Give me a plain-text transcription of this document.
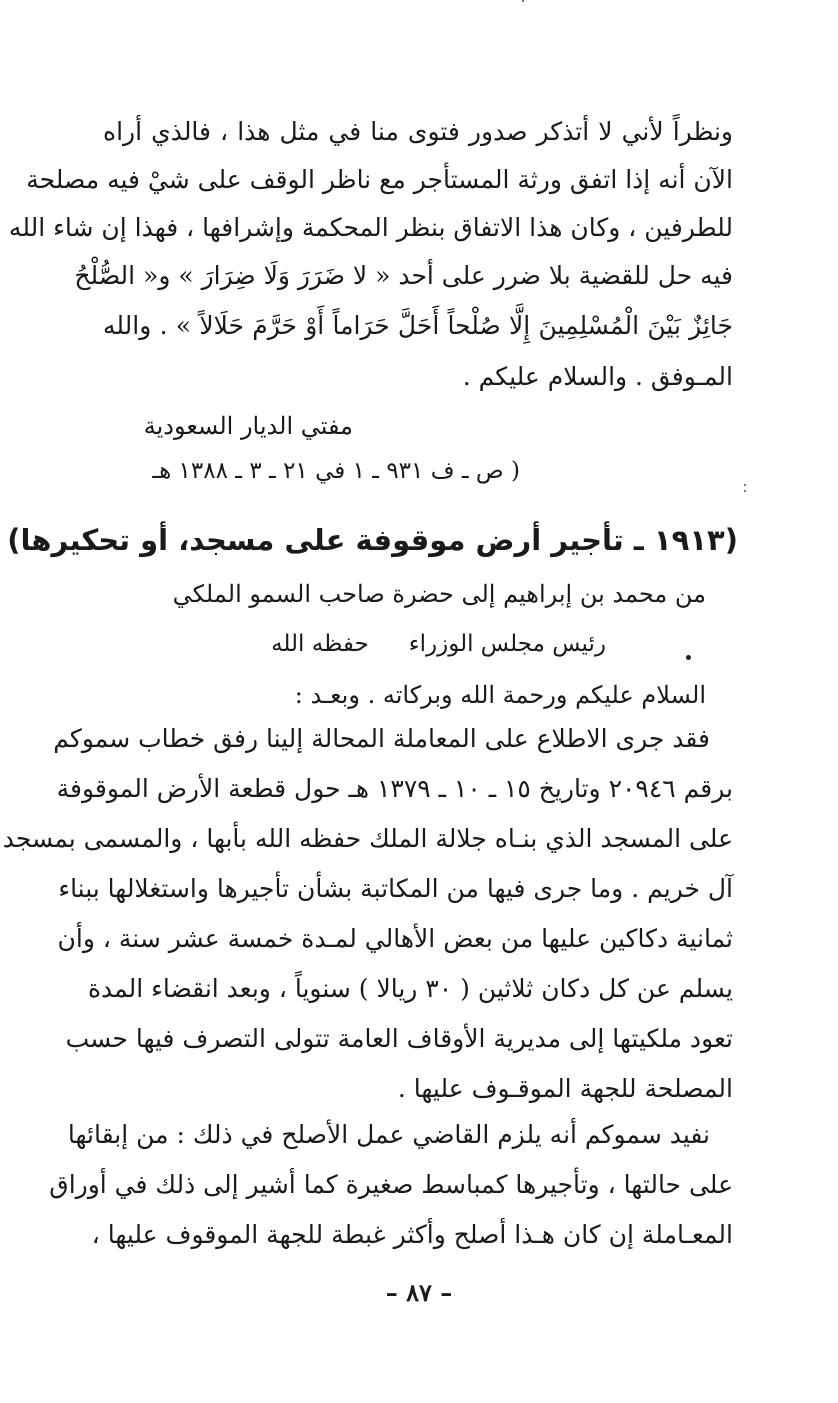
ونظراً لأني لا أتذكر صدور فتوى منا في مثل هذا ، فالذي أراه
الآن أنه إذا اتفق ورثة المستأجر مع ناظر الوقف على شيْ فيه مصلحة
للطرفين ، وكان هذا الاتفاق بنظر المحكمة وإشرافها ، فهذا إن شاء الله
فيه حل للقضية بلا ضرر على أحد « لا ضَرَرَ وَلَا ضِرَارَ » و« الصُّلْحُ
جَائِزٌ بَيْنَ الْمُسْلِمِينَ إِلَّا صُلْحاً أَحَلَّ حَرَاماً أَوْ حَرَّمَ حَلَالاً » . والله
المـوفق . والسلام عليكم .
مفتي الديار السعودية
( ص ـ ف ٩٣١ ـ ١ في ٢١ ـ ٣ ـ ١٣٨٨ هـ
(١٩١٣ ـ تأجير أرض موقوفة على مسجد، أو تحكيرها)
من محمد بن إبراهيم إلى حضرة صاحب السمو الملكي
رئيس مجلس الوزراءحفظه الله
السلام عليكم ورحمة الله وبركاته . وبعـد :
فقد جرى الاطلاع على المعاملة المحالة إلينا رفق خطاب سموكم
برقم ٢٠٩٤٦ وتاريخ ١٥ ـ ١٠ ـ ١٣٧٩ هـ حول قطعة الأرض الموقوفة
على المسجد الذي بنـاه جلالة الملك حفظه الله بأبها ، والمسمى بمسجد
آل خريم . وما جرى فيها من المكاتبة بشأن تأجيرها واستغلالها ببناء
ثمانية دكاكين عليها من بعض الأهالي لمـدة خمسة عشر سنة ، وأن
يسلم عن كل دكان ثلاثين ( ٣٠ ريالا ) سنوياً ، وبعد انقضاء المدة
تعود ملكيتها إلى مديرية الأوقاف العامة تتولى التصرف فيها حسب
المصلحة للجهة الموقـوف عليها .
نفيد سموكم أنه يلزم القاضي عمل الأصلح في ذلك : من إبقائها
على حالتها ، وتأجيرها كمباسط صغيرة كما أشير إلى ذلك في أوراق
المعـاملة إن كان هـذا أصلح وأكثر غبطة للجهة الموقوف عليها ،
– ٨٧ –
